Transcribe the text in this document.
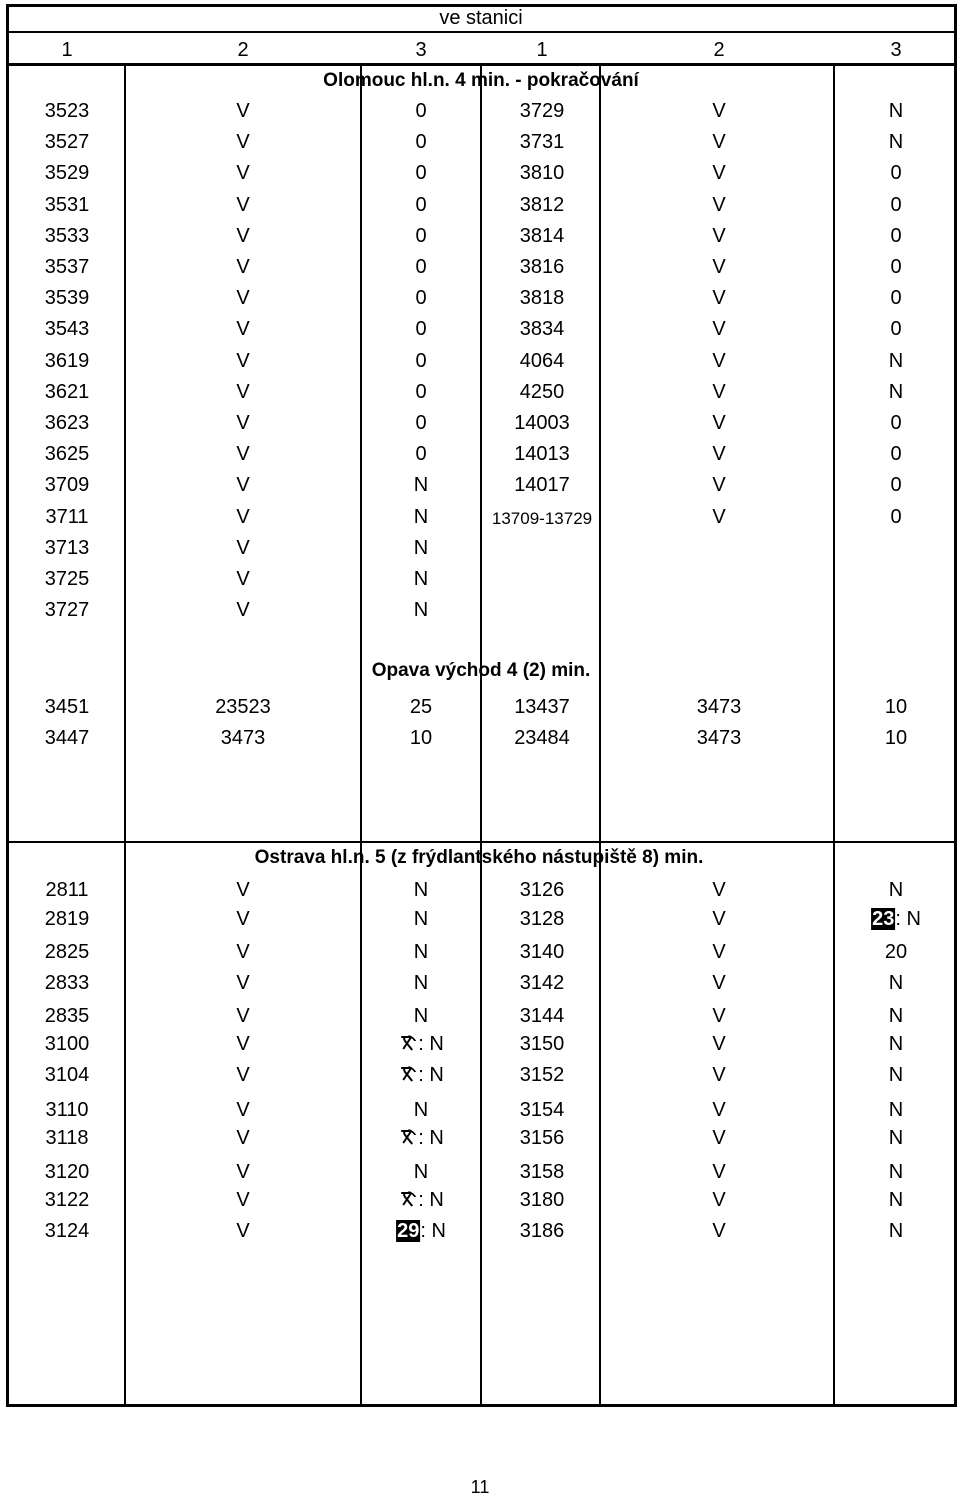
ve stanici
1	2	3	1	2	3
Olomouc hl.n. 4 min. - pokračování
3523	V	0	3729	V	N
3527	V	0	3731	V	N
3529	V	0	3810	V	0
3531	V	0	3812	V	0
3533	V	0	3814	V	0
3537	V	0	3816	V	0
3539	V	0	3818	V	0
3543	V	0	3834	V	0
3619	V	0	4064	V	N
3621	V	0	4250	V	N
3623	V	0	14003	V	0
3625	V	0	14013	V	0
3709	V	N	14017	V	0
3711	V	N	13709-13729	V	0
3713	V	N
3725	V	N
3727	V	N
Opava východ 4 (2) min.
3451	23523	25	13437	3473	10
3447	3473	10	23484	3473	10
Ostrava hl.n. 5 (z frýdlantského nástupiště 8) min.
2811	V	N	3126	V	N
2819	V	N	3128	V	23: N
2825	V	N	3140	V	20
2833	V	N	3142	V	N
2835	V	N	3144	V	N
3100	V	: N	3150	V	N
3104	V	: N	3152	V	N
3110	V	N	3154	V	N
3118	V	: N	3156	V	N
3120	V	N	3158	V	N
3122	V	: N	3180	V	N
3124	V	29: N	3186	V	N
11
